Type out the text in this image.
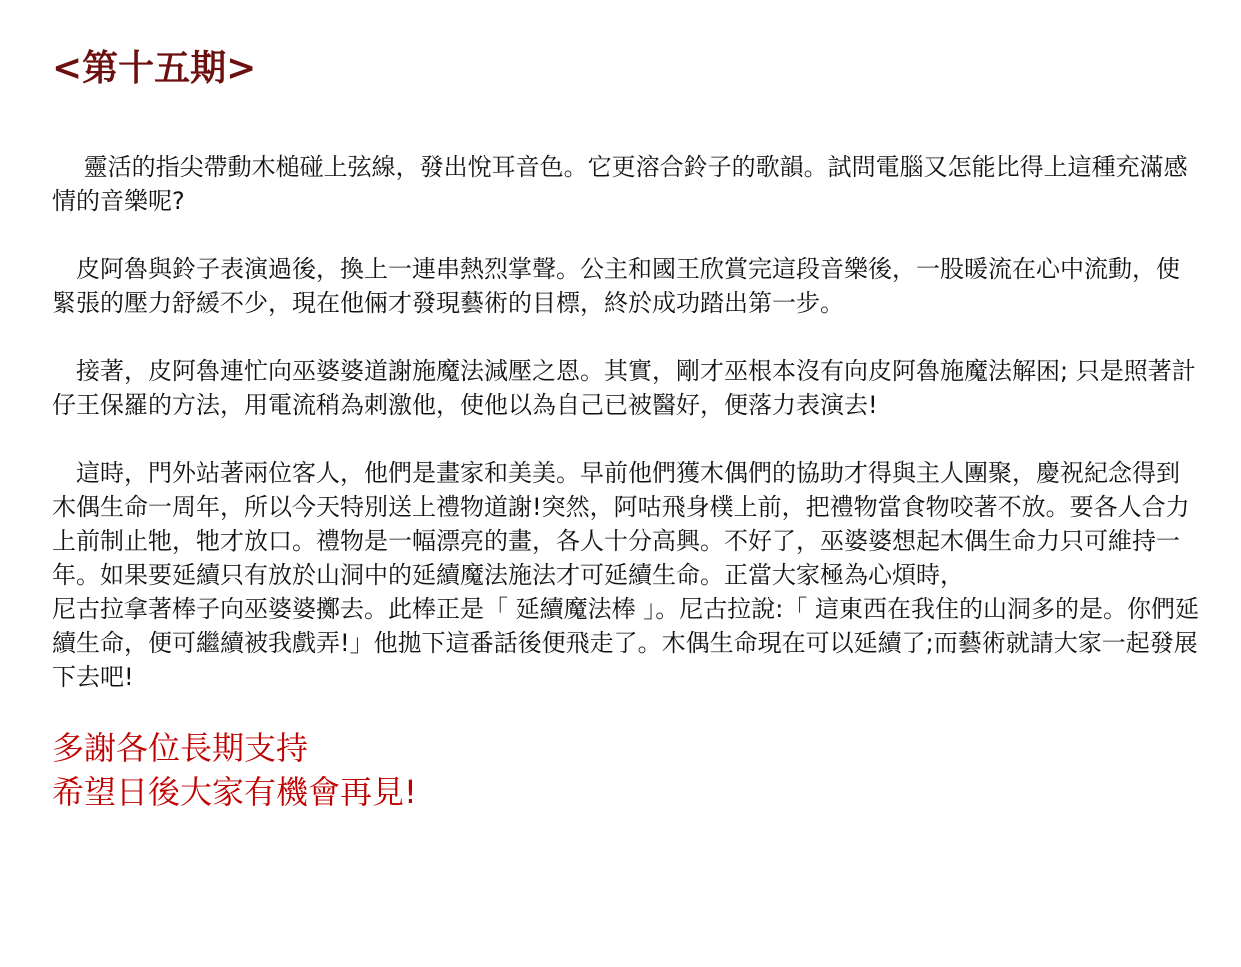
<第十五期>

　 靈活的指尖帶動木槌碰上弦線，發出悅耳音色。它更溶合鈴子的歌韻。試問電腦又怎能比得上這種充滿感情的音樂呢?

　皮阿魯與鈴子表演過後，換上一連串熱烈掌聲。公主和國王欣賞完這段音樂後，一股暖流在心中流動，使緊張的壓力舒緩不少，現在他倆才發現藝術的目標，終於成功踏出第一步。

　接著，皮阿魯連忙向巫婆婆道謝施魔法減壓之恩。其實，剛才巫根本沒有向皮阿魯施魔法解困; 只是照著計仔王保羅的方法，用電流稍為刺激他，使他以為自己已被醫好，便落力表演去!

　這時，門外站著兩位客人，他們是畫家和美美。早前他們獲木偶們的協助才得與主人團聚，慶祝紀念得到木偶生命一周年，所以今天特別送上禮物道謝!突然，阿咕飛身樸上前，把禮物當食物咬著不放。要各人合力上前制止牠，牠才放口。禮物是一幅漂亮的畫，各人十分高興。不好了，巫婆婆想起木偶生命力只可維持一年。如果要延續只有放於山洞中的延續魔法施法才可延續生命。正當大家極為心煩時，
尼古拉拿著棒子向巫婆婆擲去。此棒正是「 延續魔法棒 」。尼古拉說:「 這東西在我住的山洞多的是。你們延續生命，便可繼續被我戲弄!」他拋下這番話後便飛走了。木偶生命現在可以延續了;而藝術就請大家一起發展下去吧!

多謝各位長期支持
希望日後大家有機會再見!
